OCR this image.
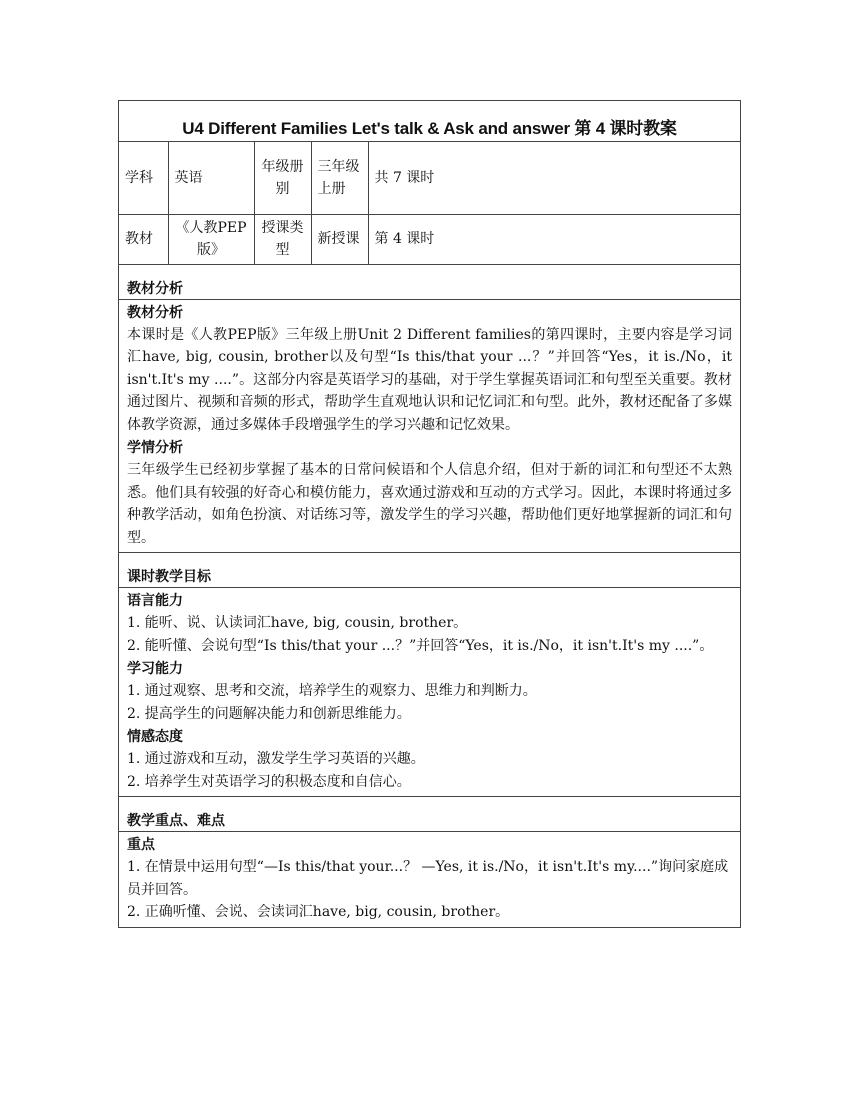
U4 Different Families Let's talk & Ask and answer 第 4 课时教案
学科	英语	年级册别	三年级上册	共 7 课时
教材	《人教PEP版》	授课类型	新授课	第 4 课时
教材分析
教材分析
本课时是《人教PEP版》三年级上册Unit 2 Different families的第四课时，主要内容是学习词汇have, big, cousin, brother以及句型“Is this/that your ...？”并回答“Yes，it is./No，it isn't.It's my ....”。这部分内容是英语学习的基础，对于学生掌握英语词汇和句型至关重要。教材通过图片、视频和音频的形式，帮助学生直观地认识和记忆词汇和句型。此外，教材还配备了多媒体教学资源，通过多媒体手段增强学生的学习兴趣和记忆效果。
学情分析
三年级学生已经初步掌握了基本的日常问候语和个人信息介绍，但对于新的词汇和句型还不太熟悉。他们具有较强的好奇心和模仿能力，喜欢通过游戏和互动的方式学习。因此，本课时将通过多种教学活动，如角色扮演、对话练习等，激发学生的学习兴趣，帮助他们更好地掌握新的词汇和句型。
课时教学目标
语言能力
1. 能听、说、认读词汇have, big, cousin, brother。
2. 能听懂、会说句型“Is this/that your ...？”并回答“Yes，it is./No，it isn't.It's my ....”。
学习能力
1. 通过观察、思考和交流，培养学生的观察力、思维力和判断力。
2. 提高学生的问题解决能力和创新思维能力。
情感态度
1. 通过游戏和互动，激发学生学习英语的兴趣。
2. 培养学生对英语学习的积极态度和自信心。
教学重点、难点
重点
1. 在情景中运用句型“—Is this/that your...？ —Yes, it is./No，it isn't.It's my....”询问家庭成员并回答。
2. 正确听懂、会说、会读词汇have, big, cousin, brother。
